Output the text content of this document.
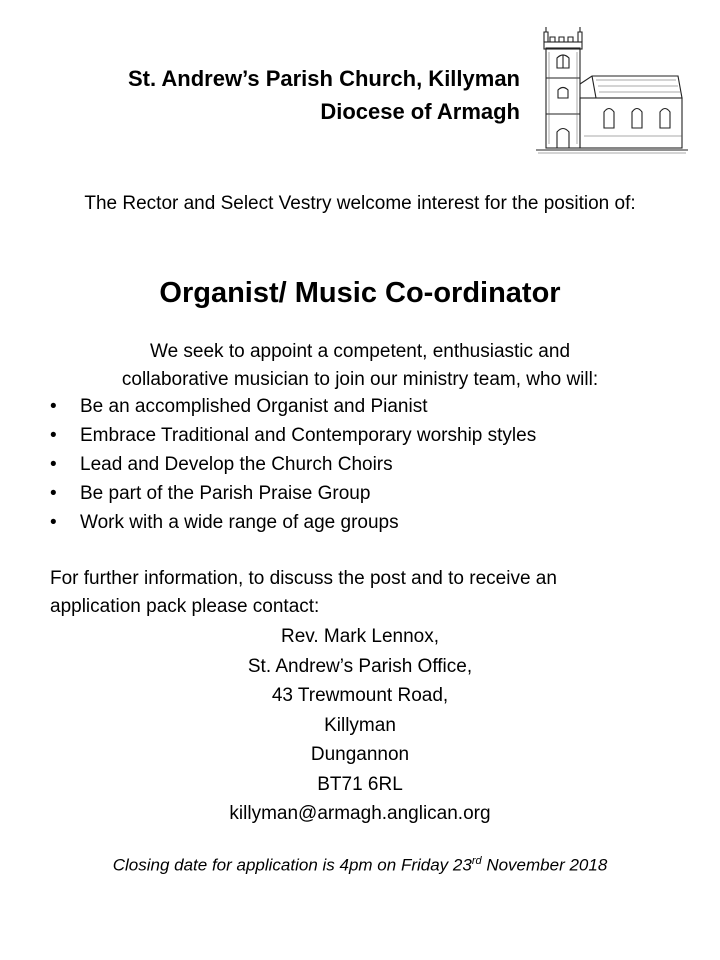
St. Andrew’s Parish Church, Killyman
Diocese of Armagh
The Rector and Select Vestry welcome interest for the position of:
Organist/ Music Co-ordinator
We seek to appoint a competent, enthusiastic and
collaborative musician to join our ministry team, who will:
• Be an accomplished Organist and Pianist
• Embrace Traditional and Contemporary worship styles
• Lead and Develop the Church Choirs
• Be part of the Parish Praise Group
• Work with a wide range of age groups
For further information, to discuss the post and to receive an
application pack please contact:
Rev. Mark Lennox,
St. Andrew’s Parish Office,
43 Trewmount Road,
Killyman
Dungannon
BT71 6RL
killyman@armagh.anglican.org
Closing date for application is 4pm on Friday 23rd November 2018
